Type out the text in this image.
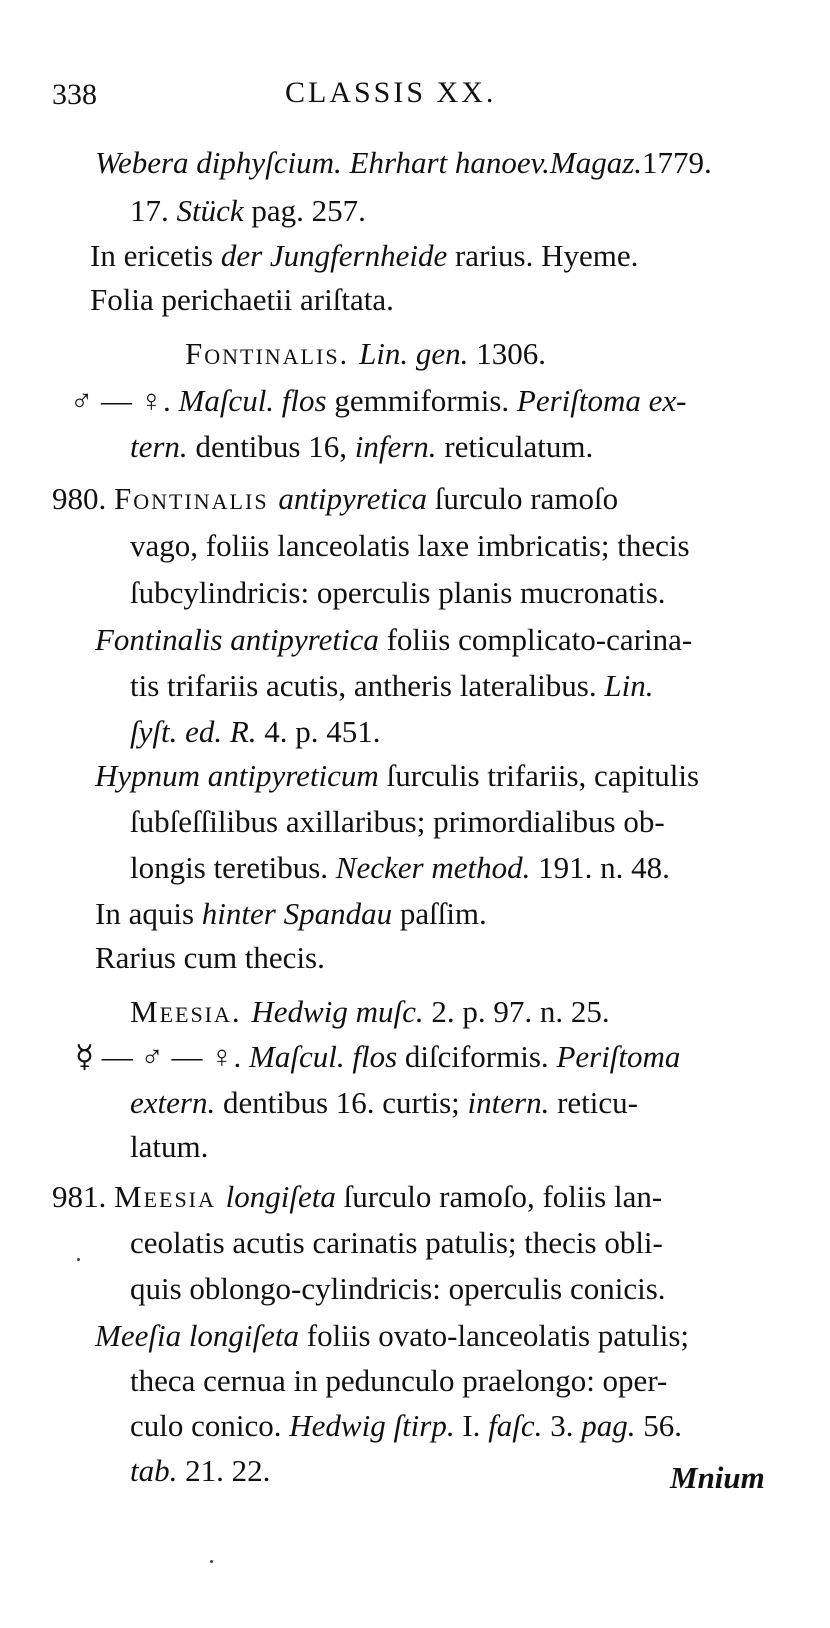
338	CLASSIS XX.
Webera diphyſcium. Ehrhart hanoev.Magaz.1779.
17. Stück pag. 257.
In ericetis der Jungfernheide rarius. Hyeme.
Folia perichaetii ariſtata.
Fontinalis. Lin. gen. 1306.
♂ — ♀. Maſcul. flos gemmiformis. Periſtoma ex-
tern. dentibus 16, infern. reticulatum.
980. Fontinalis antipyretica ſurculo ramoſo
vago, foliis lanceolatis laxe imbricatis; thecis
ſubcylindricis: operculis planis mucronatis.
Fontinalis antipyretica foliis complicato-carina-
tis trifariis acutis, antheris lateralibus. Lin.
ſyſt. ed. R. 4. p. 451.
Hypnum antipyreticum ſurculis trifariis, capitulis
ſubſeſſilibus axillaribus; primordialibus ob-
longis teretibus. Necker method. 191. n. 48.
In aquis hinter Spandau paſſim.
Rarius cum thecis.
Meesia. Hedwig muſc. 2. p. 97. n. 25.
☿ — ♂ — ♀. Maſcul. flos diſciformis. Periſtoma
extern. dentibus 16. curtis; intern. reticu-
latum.
981. Meesia longiſeta ſurculo ramoſo, foliis lan-
ceolatis acutis carinatis patulis; thecis obli-
quis oblongo-cylindricis: operculis conicis.
Meeſia longiſeta foliis ovato-lanceolatis patulis;
theca cernua in pedunculo praelongo: oper-
culo conico. Hedwig ſtirp. I. faſc. 3. pag. 56.
tab. 21. 22.	Mnium
